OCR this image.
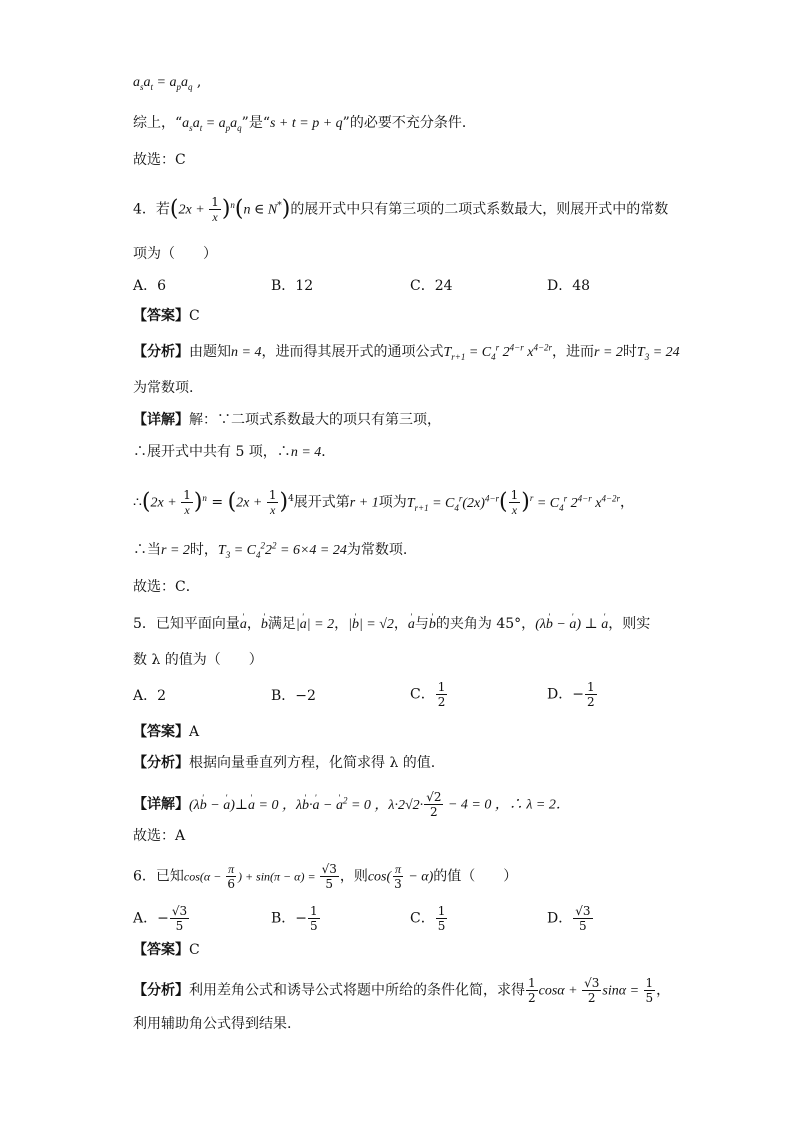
$a_sa_t = a_pa_q$ ,
综上，“$a_sa_t = a_pa_q$”是“s + t = p + q”的必要不充分条件．
故选：C
4．若$(2x + \frac{1}{x} )^n(n$ ∈ N*)的展开式中只有第三项的二项式系数最大，则展开式中的常数
项为（　　）
A．6	B．12	C．24	D．48
【答案】C
【分析】由题知n = 4，进而得其展开式的通项公式$T_{r+1} = C_4^r$ $2^{4-r}$ $x^{4-2r}$，进而r = 2时$T_3 = 24$
为常数项.
【详解】解：∵二项式系数最大的项只有第三项，
∴展开式中共有 5 项，∴n = 4．
∴(2x + $\frac{1}{x} )^n = (2x + \frac{1}{x} )^4$展开式第r + 1项为$T_{r+1} = C_4^r(2x)^{4-r}( \frac{1}{x} )^r = C_4^r$ $2^{4-r}$ $x^{4-2r}$，
∴当r = 2时，$T_3 = C_4^22^2 = 6\times 4 = 24$为常数项.
故选：C．
5．已知平面向量' a，' b满足|' a| = 2，|' b| = √2，' a与' b的夹角为 45°，(λ' b − ' a) ⊥ ' a，则实
数 λ 的值为（　　）
A．2	B．−2	C． $\frac{1}{2}$	D．− $\frac{1}{2}$
【答案】A
【分析】根据向量垂直列方程，化简求得 λ 的值.
【详解】(λ' b − ' a)⊥' a = 0 ，λ' b·' a − ' $a^2 = 0$ ，$\lambda\cdot 2√2\cdot \frac{√2}{2} - 4 = 0$ ，∴ λ = 2．
故选：A
6．已知$\cos(\alpha - \frac{\pi}{6}$ ) + $\sin(\pi - \alpha) = \frac{√3}{5}$ ，则$\cos( \frac{\pi}{3} - \alpha)$的值（　　）
A．− $\frac{√3}{5}$	B．− $\frac{1}{5}$	C． $\frac{1}{5}$	D． $\frac{√3}{5}$
【答案】C
【分析】利用差角公式和诱导公式将题中所给的条件化简，求得 $\frac{1}{2}$ $\cos\alpha + \frac{√3}{2}$ $\sin\alpha = \frac{1}{5}$ ，
利用辅助角公式得到结果.
